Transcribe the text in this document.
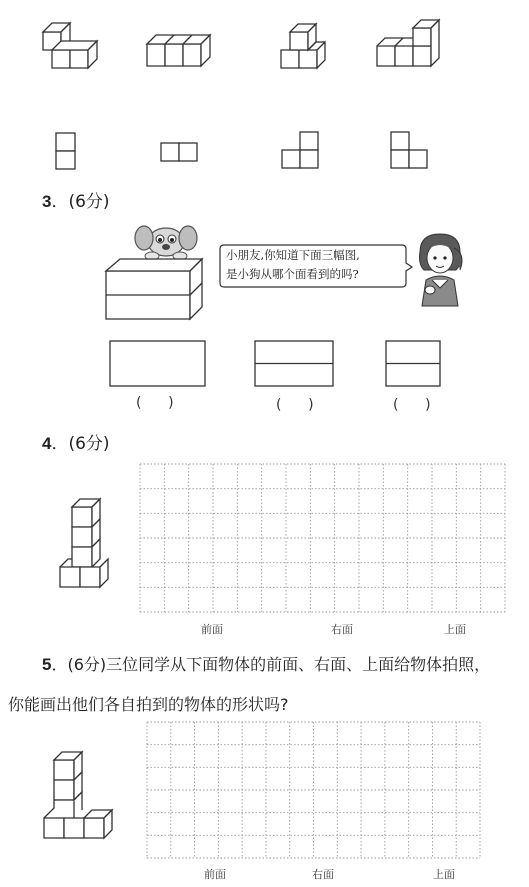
3．(6分)
小朋友,你知道下面三幅图,
是小狗从哪个面看到的吗?
(      )	(      )	(      )
4．(6分)
前面	右面	上面
5．(6分)三位同学从下面物体的前面、右面、上面给物体拍照，
你能画出他们各自拍到的物体的形状吗?
前面	右面	上面
